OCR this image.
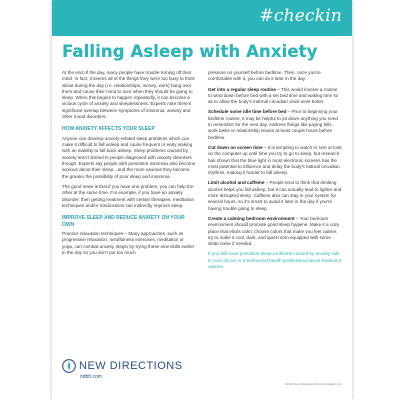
#checkin
Falling Asleep with Anxiety

At the end of the day, many people have trouble turning off their mind. In fact, it seems all of the things they were too busy to think about during the day (i.e. relationships, money, work) hang over them and cause their mind to race when they should be going to sleep. When this begins to happen repeatedly, it can become a vicious cycle of anxiety and sleeplessness. Experts note there's significant overlap between symptoms of insomnia, anxiety and other mood disorders.

HOW ANXIETY AFFECTS YOUR SLEEP

Anyone can develop anxiety-related sleep problems which can make it difficult to fall asleep and cause frequent or early waking with an inability to fall back asleep. Sleep problems caused by anxiety aren't limited to people diagnosed with anxiety disorders though. Experts say people with persistent insomnia also become anxious about their sleep…and the more anxious they become, the greater the possibility of poor sleep and insomnia.

The good news is that if you have one problem, you can help the other at the same time. For example, if you have an anxiety disorder, then getting treatment with certain therapies, meditation techniques and/or medications can indirectly improve sleep.

IMPROVE SLEEP AND REDUCE ANXIETY ON YOUR OWN

Practice relaxation techniques – Many approaches, such as progressive relaxation, mindfulness exercises, meditation or yoga, can combat anxiety. Begin by trying these new skills earlier in the day so you don't put too much

pressure on yourself before bedtime. Then, once you're comfortable with it, you can do it later in the day.

Get into a regular sleep routine – This would involve a routine to wind down before bed with a set bed time and waking time so as to allow the body's internal circadian clock work better.

Schedule some idle time before bed – Prior to beginning your bedtime routine, it may be helpful to jot down anything you need to remember for the next day. Address things like paying bills, work tasks or relationship issues at least couple hours before bedtime.

Cut down on screen time – It is tempting to watch tv, text or look on the computer up until time you try to go to sleep, but research has shown that the blue light in most electronic screens has the most potential to influence and delay the body's natural circadian rhythms, making it harder to fall asleep.

Limit alcohol and caffeine – People tend to think that drinking alcohol helps you fall asleep, but it can actually lead to lighter and more disrupted sleep. Caffeine also can stay in your system for several hours, so it's smart to avoid it later in the day if you're having trouble going to sleep.

Create a calming bedroom environment – Your bedroom environment should promote good sleep hygiene. Make it a cozy place that elicits calm; choose colors that make you feel calmer, try to make it cool, dark, and quiet room equipped with some white noise if needed.

If you still have persistent sleep problems caused by anxiety, talk to your doctor or a behavioral health professional about treatment options.

NEW DIRECTIONS
ndbh.com
©2020 New Directions Behavioral Health, LLC
